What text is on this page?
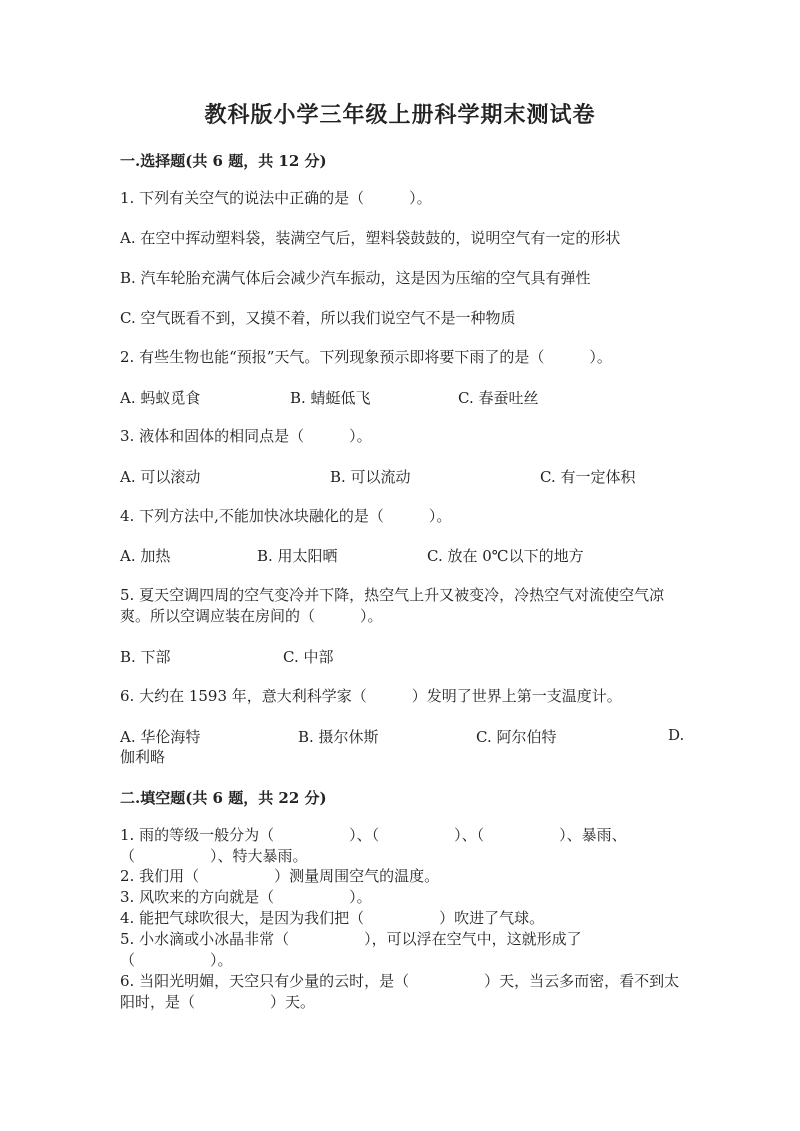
教科版小学三年级上册科学期末测试卷
一.选择题(共 6 题，共 12 分)
1. 下列有关空气的说法中正确的是（　　　）。
A. 在空中挥动塑料袋，装满空气后，塑料袋鼓鼓的，说明空气有一定的形状
B. 汽车轮胎充满气体后会减少汽车振动，这是因为压缩的空气具有弹性
C. 空气既看不到，又摸不着，所以我们说空气不是一种物质
2. 有些生物也能“预报”天气。下列现象预示即将要下雨了的是（　　　）。
A. 蚂蚁觅食	B. 蜻蜓低飞	C. 春蚕吐丝
3. 液体和固体的相同点是（　　　）。
A. 可以滚动	B. 可以流动	C. 有一定体积
4. 下列方法中,不能加快冰块融化的是（　　　）。
A. 加热	B. 用太阳晒	C. 放在 0℃以下的地方
5. 夏天空调四周的空气变冷并下降，热空气上升又被变冷，冷热空气对流使空气凉爽。所以空调应装在房间的（　　　）。
B. 下部	C. 中部
6. 大约在 1593 年，意大利科学家（　　　）发明了世界上第一支温度计。
A. 华伦海特	B. 摄尔休斯	C. 阿尔伯特	D.
伽利略
二.填空题(共 6 题，共 22 分)
1. 雨的等级一般分为（　　　　　）、（　　　　　）、（　　　　　）、暴雨、（　　　　　）、特大暴雨。
2. 我们用（　　　　　）测量周围空气的温度。
3. 风吹来的方向就是（　　　　　）。
4. 能把气球吹很大，是因为我们把（　　　　　）吹进了气球。
5. 小水滴或小冰晶非常（　　　　　），可以浮在空气中，这就形成了（　　　　　）。
6. 当阳光明媚，天空只有少量的云时，是（　　　　　）天，当云多而密，看不到太阳时，是（　　　　　）天。
